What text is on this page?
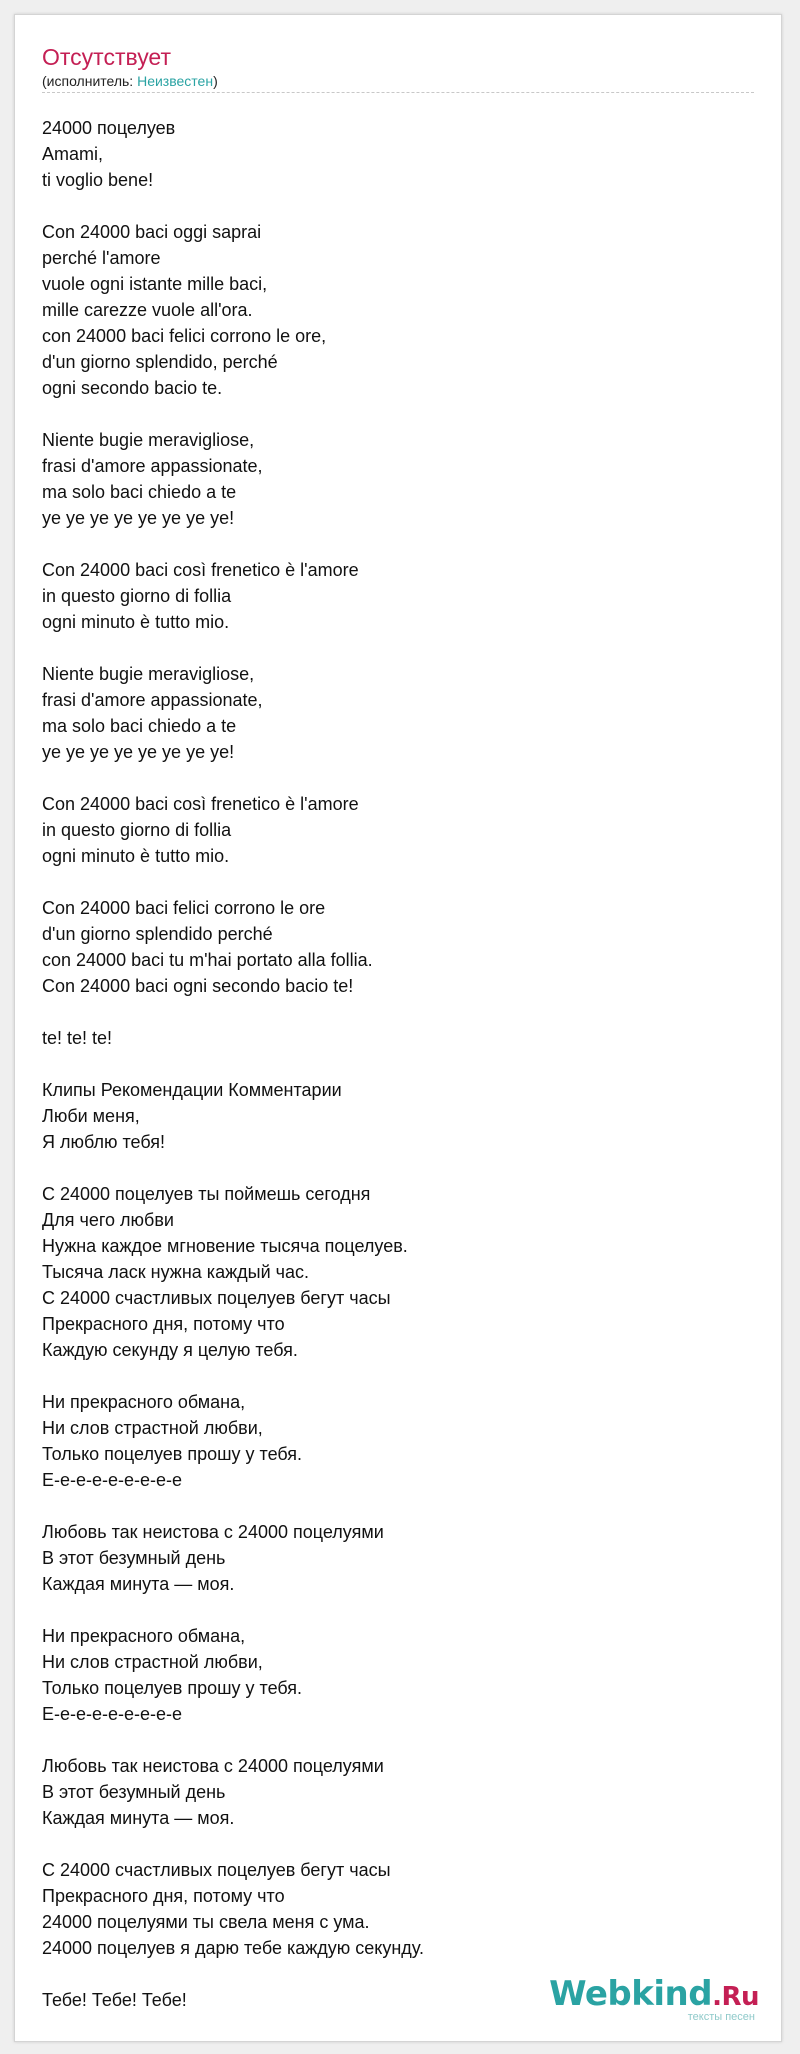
Отсутствует
(исполнитель: Неизвестен)
24000 поцелуев
Amami,
ti voglio bene!
Con 24000 baci oggi saprai
perché l'amore
vuole ogni istante mille baci,
mille carezze vuole all'ora.
con 24000 baci felici corrono le ore,
d'un giorno splendido, perché
ogni secondo bacio te.
Niente bugie meravigliose,
frasi d'amore appassionate,
ma solo baci chiedo a te
ye ye ye ye ye ye ye ye!
Con 24000 baci così frenetico è l'amore
in questo giorno di follia
ogni minuto è tutto mio.
Niente bugie meravigliose,
frasi d'amore appassionate,
ma solo baci chiedo a te
ye ye ye ye ye ye ye ye!
Con 24000 baci così frenetico è l'amore
in questo giorno di follia
ogni minuto è tutto mio.
Con 24000 baci felici corrono le ore
d'un giorno splendido perché
con 24000 baci tu m'hai portato alla follia.
Con 24000 baci ogni secondo bacio te!
te! te! te!
Клипы Рекомендации Комментарии
Люби меня,
Я люблю тебя!
С 24000 поцелуев ты поймешь сегодня
Для чего любви
Нужна каждое мгновение тысяча поцелуев.
Тысяча ласк нужна каждый час.
С 24000 счастливых поцелуев бегут часы
Прекрасного дня, потому что
Каждую секунду я целую тебя.
Ни прекрасного обмана,
Ни слов страстной любви,
Только поцелуев прошу у тебя.
Е-е-е-е-е-е-е-е-е
Любовь так неистова с 24000 поцелуями
В этот безумный день
Каждая минута — моя.
Ни прекрасного обмана,
Ни слов страстной любви,
Только поцелуев прошу у тебя.
Е-е-е-е-е-е-е-е-е
Любовь так неистова с 24000 поцелуями
В этот безумный день
Каждая минута — моя.
С 24000 счастливых поцелуев бегут часы
Прекрасного дня, потому что
24000 поцелуями ты свела меня с ума.
24000 поцелуев я дарю тебе каждую секунду.
Тебе! Тебе! Тебе!	Webkind.Ru
тексты песен
